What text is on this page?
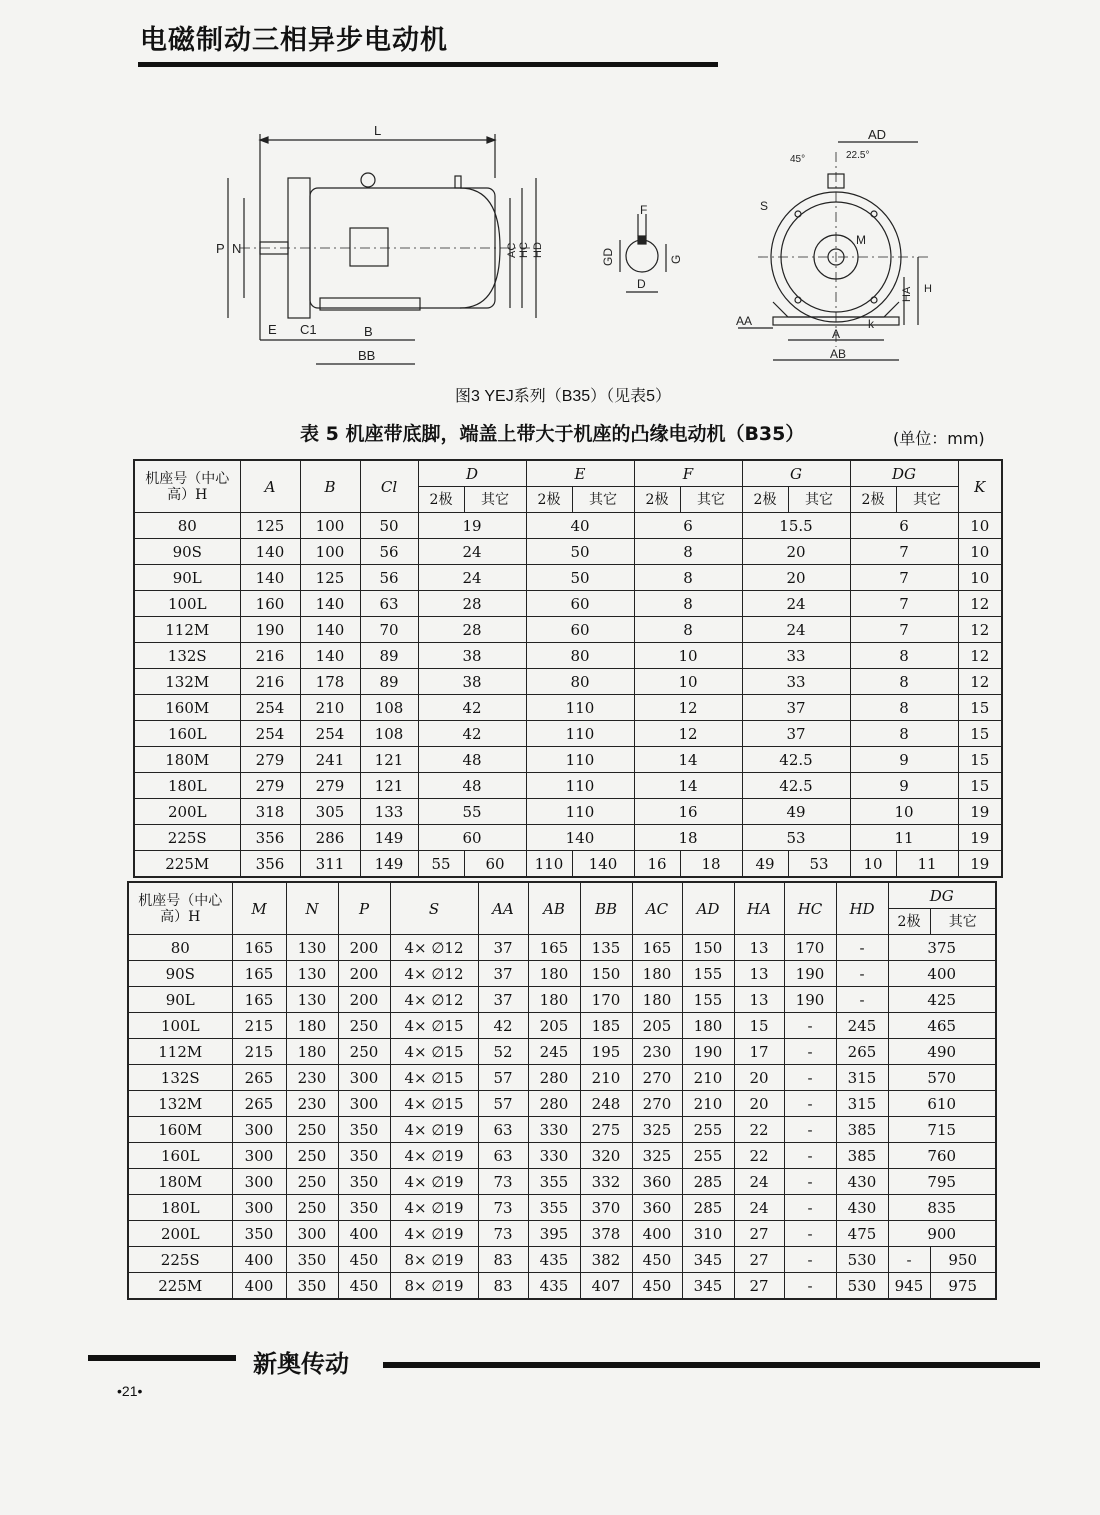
电磁制动三相异步电动机
L
P N	AC HC HD
E C1	B
BB
F
GD	G
D
AD
45°	22.5°
S
M
HA H
AA
A
k
AB
图3 YEJ系列（B35）（见表5）
表 5 机座带底脚，端盖上带大于机座的凸缘电动机（B35）	(单位：mm)
机座号（中心高）H	A	B	Cl	D		E		F		G		DG		K
				2极	其它	2极	其它	2极	其它	2极	其它	2极	其它	
80	125	100	50	19		40		6		15.5		6		10
90S	140	100	56	24		50		8		20		7		10
90L	140	125	56	24		50		8		20		7		10
100L	160	140	63	28		60		8		24		7		12
112M	190	140	70	28		60		8		24		7		12
132S	216	140	89	38		80		10		33		8		12
132M	216	178	89	38		80		10		33		8		12
160M	254	210	108	42		110		12		37		8		15
160L	254	254	108	42		110		12		37		8		15
180M	279	241	121	48		110		14		42.5		9		15
180L	279	279	121	48		110		14		42.5		9		15
200L	318	305	133	55		110		16		49		10		19
225S	356	286	149	60		140		18		53		11		19
225M	356	311	149	55	60	110	140	16	18	49	53	10	11	19
机座号（中心高）H	M	N	P	S	AA	AB	BB	AC	AD	HA	HC	HD	DG	
													2极	其它
80	165	130	200	4× ∅12	37	165	135	165	150	13	170	-	375	
90S	165	130	200	4× ∅12	37	180	150	180	155	13	190	-	400	
90L	165	130	200	4× ∅12	37	180	170	180	155	13	190	-	425	
100L	215	180	250	4× ∅15	42	205	185	205	180	15	-	245	465	
112M	215	180	250	4× ∅15	52	245	195	230	190	17	-	265	490	
132S	265	230	300	4× ∅15	57	280	210	270	210	20	-	315	570	
132M	265	230	300	4× ∅15	57	280	248	270	210	20	-	315	610	
160M	300	250	350	4× ∅19	63	330	275	325	255	22	-	385	715	
160L	300	250	350	4× ∅19	63	330	320	325	255	22	-	385	760	
180M	300	250	350	4× ∅19	73	355	332	360	285	24	-	430	795	
180L	300	250	350	4× ∅19	73	355	370	360	285	24	-	430	835	
200L	350	300	400	4× ∅19	73	395	378	400	310	27	-	475	900	
225S	400	350	450	8× ∅19	83	435	382	450	345	27	-	530	-	950
225M	400	350	450	8× ∅19	83	435	407	450	345	27	-	530	945	975
新奥传动
•21•
